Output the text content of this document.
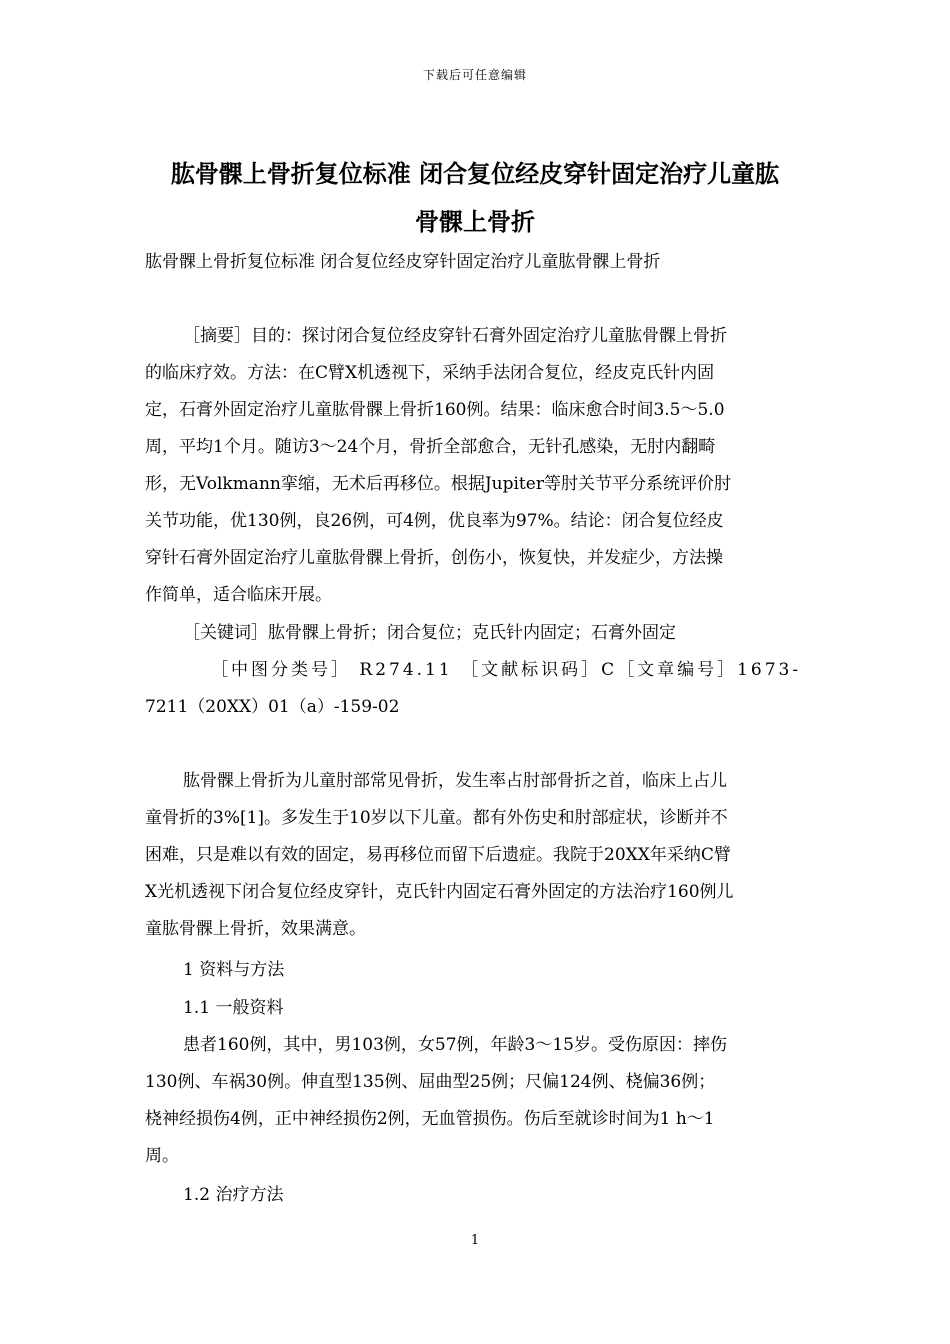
下载后可任意编辑
肱骨髁上骨折复位标准 闭合复位经皮穿针固定治疗儿童肱
骨髁上骨折
肱骨髁上骨折复位标准 闭合复位经皮穿针固定治疗儿童肱骨髁上骨折
［摘要］目的：探讨闭合复位经皮穿针石膏外固定治疗儿童肱骨髁上骨折
的临床疗效。方法：在C臂X机透视下，采纳手法闭合复位，经皮克氏针内固
定，石膏外固定治疗儿童肱骨髁上骨折160例。结果：临床愈合时间3.5～5.0
周，平均1个月。随访3～24个月，骨折全部愈合，无针孔感染，无肘内翻畸
形，无Volkmann挛缩，无术后再移位。根据Jupiter等肘关节平分系统评价肘
关节功能，优130例，良26例，可4例，优良率为97%。结论：闭合复位经皮
穿针石膏外固定治疗儿童肱骨髁上骨折，创伤小，恢复快，并发症少，方法操
作简单，适合临床开展。
［关键词］肱骨髁上骨折；闭合复位；克氏针内固定；石膏外固定
［中图分类号］ R274.11 ［文献标识码］C［文章编号］1673-
7211（20XX）01（a）-159-02
肱骨髁上骨折为儿童肘部常见骨折，发生率占肘部骨折之首，临床上占儿
童骨折的3%[1]。多发生于10岁以下儿童。都有外伤史和肘部症状，诊断并不
困难，只是难以有效的固定，易再移位而留下后遗症。我院于20XX年采纳C臂
X光机透视下闭合复位经皮穿针，克氏针内固定石膏外固定的方法治疗160例儿
童肱骨髁上骨折，效果满意。
1 资料与方法
1.1 一般资料
患者160例，其中，男103例，女57例，年龄3～15岁。受伤原因：摔伤
130例、车祸30例。伸直型135例、屈曲型25例；尺偏124例、桡偏36例；
桡神经损伤4例，正中神经损伤2例，无血管损伤。伤后至就诊时间为1 h～1
周。
1.2 治疗方法
1
